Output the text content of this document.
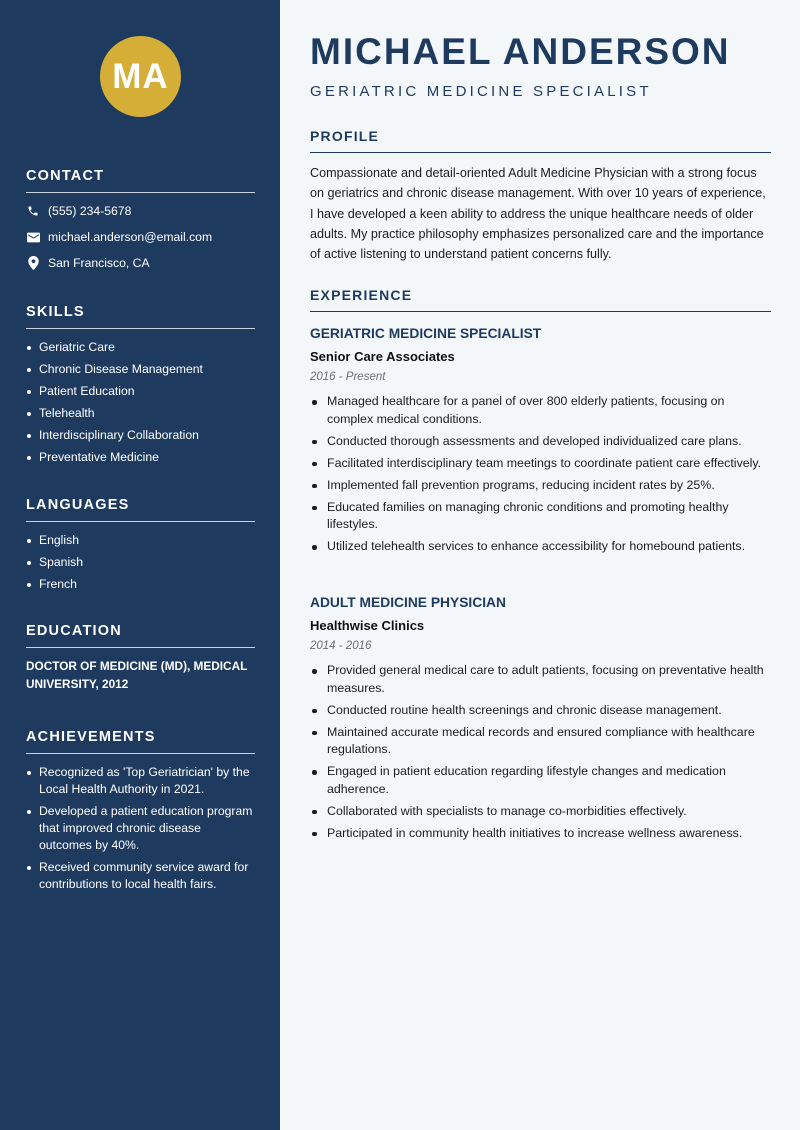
MA
CONTACT
(555) 234-5678
michael.anderson@email.com
San Francisco, CA
SKILLS
Geriatric Care
Chronic Disease Management
Patient Education
Telehealth
Interdisciplinary Collaboration
Preventative Medicine
LANGUAGES
English
Spanish
French
EDUCATION
DOCTOR OF MEDICINE (MD), MEDICAL UNIVERSITY, 2012
ACHIEVEMENTS
Recognized as 'Top Geriatrician' by the Local Health Authority in 2021.
Developed a patient education program that improved chronic disease outcomes by 40%.
Received community service award for contributions to local health fairs.
MICHAEL ANDERSON
GERIATRIC MEDICINE SPECIALIST
PROFILE
Compassionate and detail-oriented Adult Medicine Physician with a strong focus on geriatrics and chronic disease management. With over 10 years of experience, I have developed a keen ability to address the unique healthcare needs of older adults. My practice philosophy emphasizes personalized care and the importance of active listening to understand patient concerns fully.
EXPERIENCE
GERIATRIC MEDICINE SPECIALIST
Senior Care Associates
2016 - Present
Managed healthcare for a panel of over 800 elderly patients, focusing on complex medical conditions.
Conducted thorough assessments and developed individualized care plans.
Facilitated interdisciplinary team meetings to coordinate patient care effectively.
Implemented fall prevention programs, reducing incident rates by 25%.
Educated families on managing chronic conditions and promoting healthy lifestyles.
Utilized telehealth services to enhance accessibility for homebound patients.
ADULT MEDICINE PHYSICIAN
Healthwise Clinics
2014 - 2016
Provided general medical care to adult patients, focusing on preventative health measures.
Conducted routine health screenings and chronic disease management.
Maintained accurate medical records and ensured compliance with healthcare regulations.
Engaged in patient education regarding lifestyle changes and medication adherence.
Collaborated with specialists to manage co-morbidities effectively.
Participated in community health initiatives to increase wellness awareness.
